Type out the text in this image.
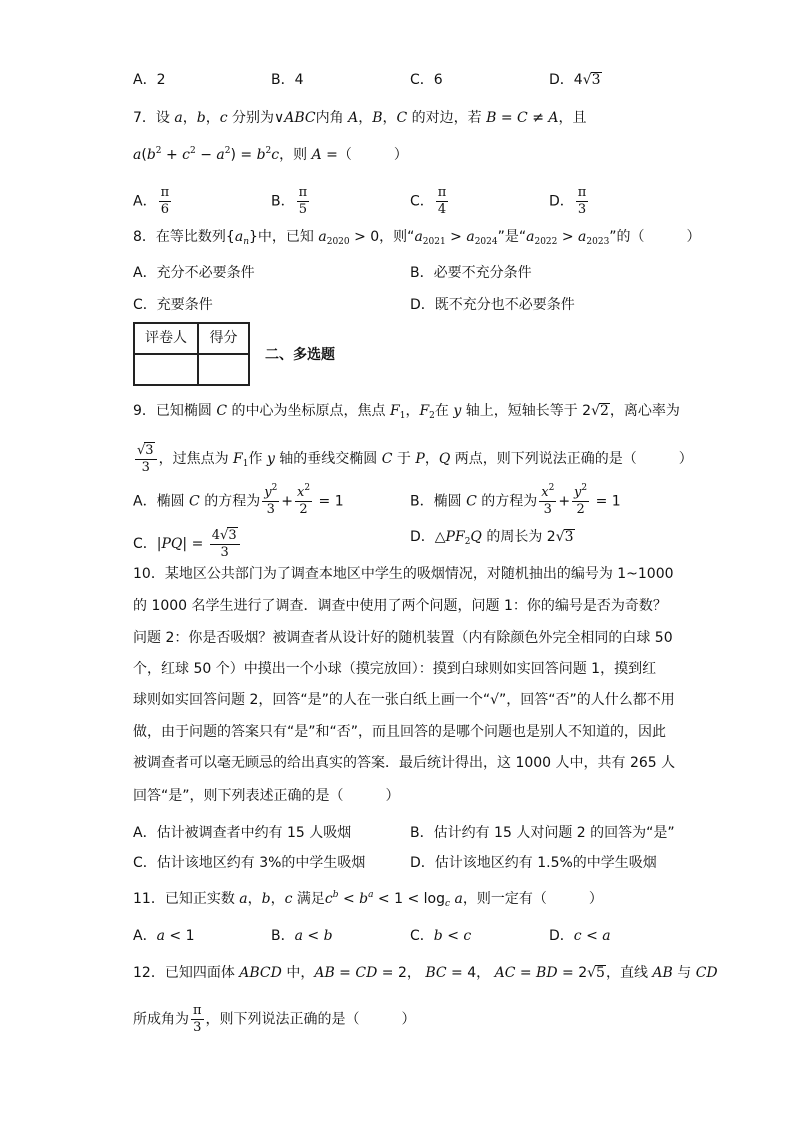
A．2	B．4	C．6	D．4√3
7．设 a，b，c 分别为∨ABC内角 A，B，C 的对边，若 B = C ≠ A，且
$a(b^2 + c^2 - a^2) = b^2c$，则 A =（　　　）
A． $\frac{\pi}{6}$	B． $\frac{\pi}{5}$	C． $\frac{\pi}{4}$	D． $\frac{\pi}{3}$
8．在等比数列$\{a_n\}$中，已知 $a_{2020} > 0$，则“$a_{2021} > a_{2024}$”是“$a_{2022} > a_{2023}$”的（　　　）
A．充分不必要条件	B．必要不充分条件
C．充要条件	D．既不充分也不必要条件
评卷人	得分

二、多选题
9．已知椭圆 C 的中心为坐标原点，焦点 $F_1$，$F_2$在 y 轴上，短轴长等于 2√2，离心率为
$\frac{√3}{3}$ ，过焦点为 $F_1$作 y 轴的垂线交椭圆 C 于 P，Q 两点，则下列说法正确的是（　　　）
A．椭圆 C 的方程为 $\frac{y^2}{3} + \frac{x^2}{2} = 1$	B．椭圆 C 的方程为 $\frac{x^2}{3} + \frac{y^2}{2} = 1$
C．$|PQ| = \frac{4√3}{3}$	D．$\triangle PF_2Q$ 的周长为 2√3
10．某地区公共部门为了调查本地区中学生的吸烟情况，对随机抽出的编号为 1~1000
的 1000 名学生进行了调查．调查中使用了两个问题，问题 1：你的编号是否为奇数？
问题 2：你是否吸烟？被调查者从设计好的随机装置（内有除颜色外完全相同的白球 50
个，红球 50 个）中摸出一个小球（摸完放回）：摸到白球则如实回答问题 1，摸到红
球则如实回答问题 2，回答“是”的人在一张白纸上画一个“√”，回答“否”的人什么都不用
做，由于问题的答案只有“是”和“否”，而且回答的是哪个问题也是别人不知道的，因此
被调查者可以毫无顾忌的给出真实的答案．最后统计得出，这 1000 人中，共有 265 人
回答“是”，则下列表述正确的是（　　　）
A．估计被调查者中约有 15 人吸烟	B．估计约有 15 人对问题 2 的回答为“是”
C．估计该地区约有 3%的中学生吸烟	D．估计该地区约有 1.5%的中学生吸烟
11．已知正实数 a，b，c 满足$c^b < b^a < 1 < \log_c a$，则一定有（　　　）
A．a < 1	B．a < b	C．b < c	D．c < a
12．已知四面体 ABCD 中，AB = CD = 2， BC = 4， AC = BD = 2√5，直线 AB 与 CD
所成角为 $\frac{\pi}{3}$ ，则下列说法正确的是（　　　）
